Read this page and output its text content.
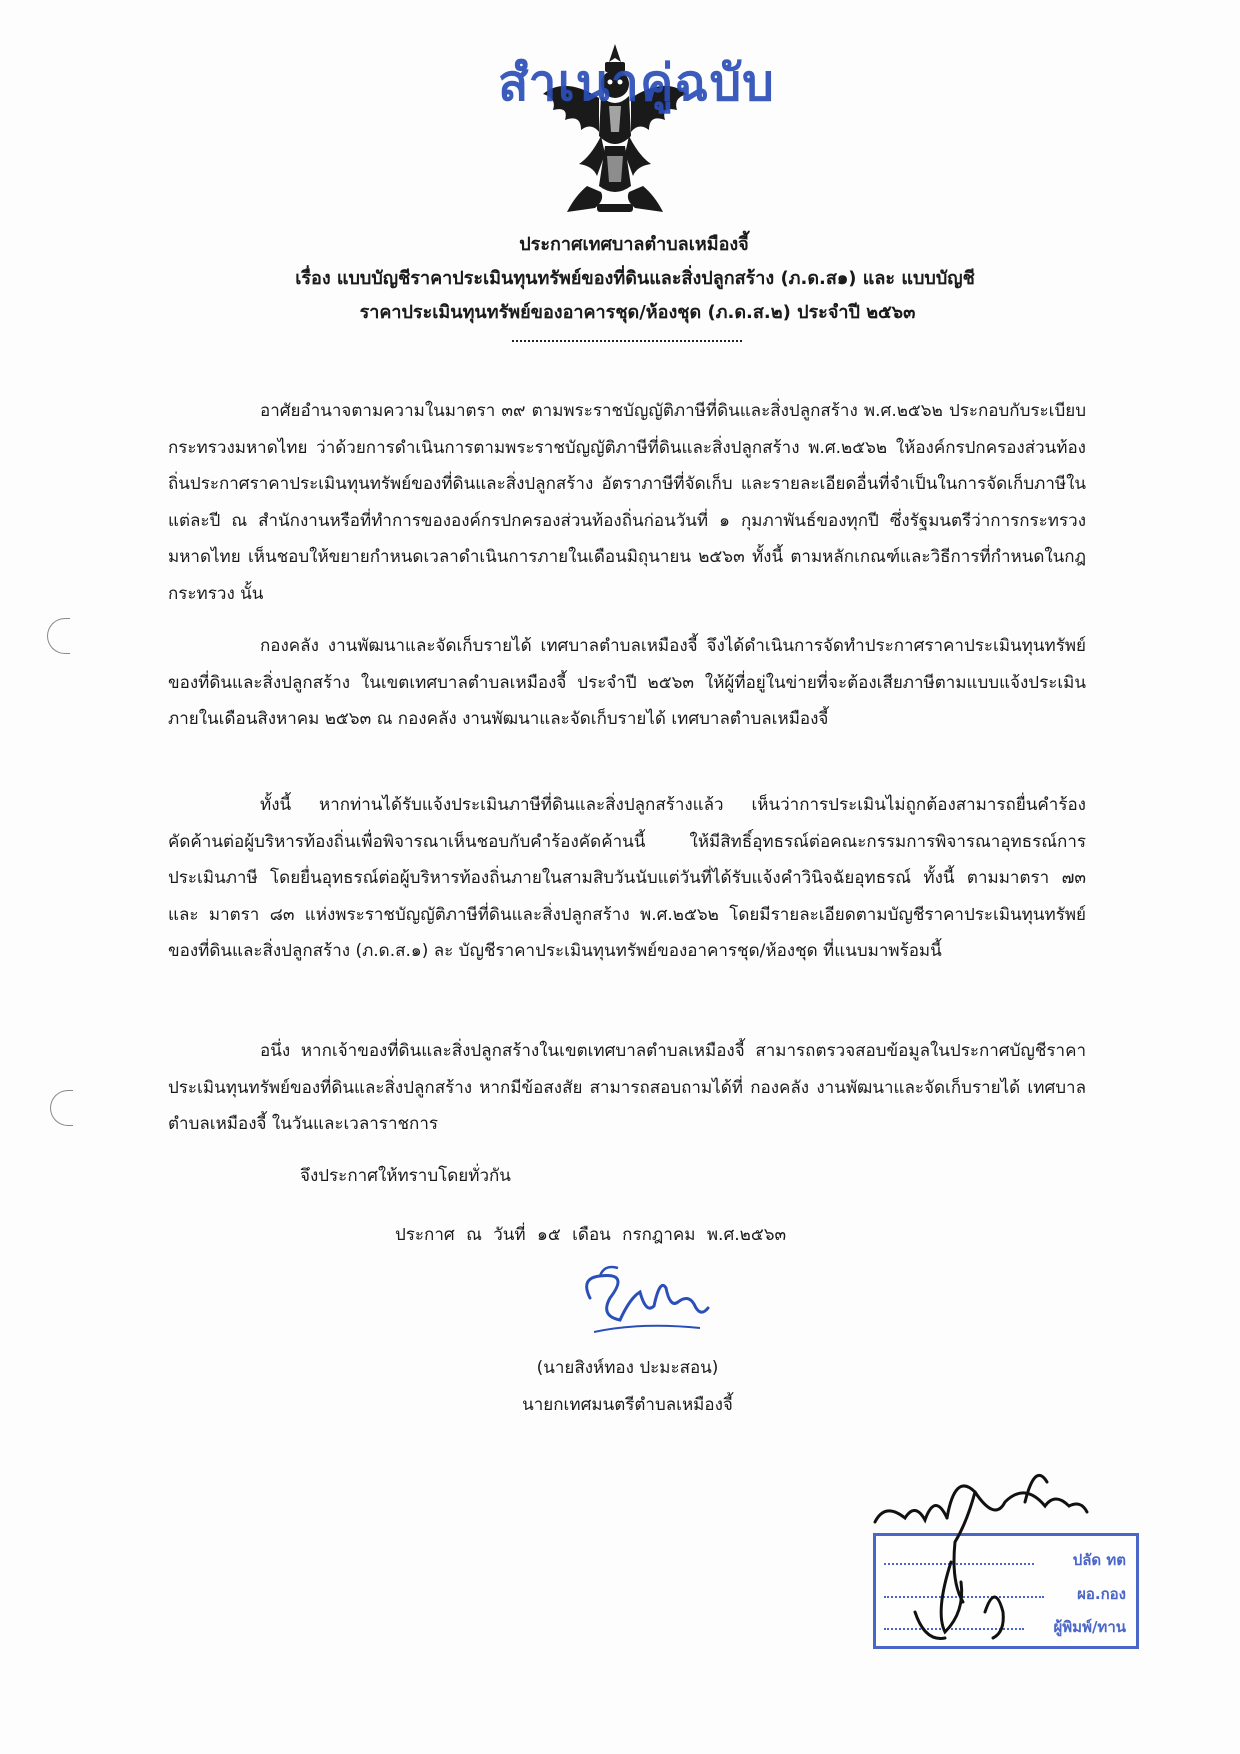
สำเนาคู่ฉบับ
ประกาศเทศบาลตำบลเหมืองจี้
เรื่อง แบบบัญชีราคาประเมินทุนทรัพย์ของที่ดินและสิ่งปลูกสร้าง (ภ.ด.ส๑) และ แบบบัญชี
ราคาประเมินทุนทรัพย์ของอาคารชุด/ห้องชุด (ภ.ด.ส.๒) ประจำปี ๒๕๖๓

อาศัยอำนาจตามความในมาตรา ๓๙ ตามพระราชบัญญัติภาษีที่ดินและสิ่งปลูกสร้าง พ.ศ.๒๕๖๒ ประกอบกับระเบียบกระทรวงมหาดไทย ว่าด้วยการดำเนินการตามพระราชบัญญัติภาษีที่ดินและสิ่งปลูกสร้าง พ.ศ.๒๕๖๒ ให้องค์กรปกครองส่วนท้องถิ่นประกาศราคาประเมินทุนทรัพย์ของที่ดินและสิ่งปลูกสร้าง อัตราภาษีที่จัดเก็บ และรายละเอียดอื่นที่จำเป็นในการจัดเก็บภาษีในแต่ละปี ณ สำนักงานหรือที่ทำการขององค์กรปกครองส่วนท้องถิ่นก่อนวันที่ ๑ กุมภาพันธ์ของทุกปี ซึ่งรัฐมนตรีว่าการกระทรวงมหาดไทย เห็นชอบให้ขยายกำหนดเวลาดำเนินการภายในเดือนมิถุนายน ๒๕๖๓ ทั้งนี้ ตามหลักเกณฑ์และวิธีการที่กำหนดในกฎกระทรวง นั้น

กองคลัง งานพัฒนาและจัดเก็บรายได้ เทศบาลตำบลเหมืองจี้ จึงได้ดำเนินการจัดทำประกาศราคาประเมินทุนทรัพย์ของที่ดินและสิ่งปลูกสร้าง ในเขตเทศบาลตำบลเหมืองจี้ ประจำปี ๒๕๖๓ ให้ผู้ที่อยู่ในข่ายที่จะต้องเสียภาษีตามแบบแจ้งประเมินภายในเดือนสิงหาคม ๒๕๖๓ ณ กองคลัง งานพัฒนาและจัดเก็บรายได้ เทศบาลตำบลเหมืองจี้

ทั้งนี้ หากท่านได้รับแจ้งประเมินภาษีที่ดินและสิ่งปลูกสร้างแล้ว เห็นว่าการประเมินไม่ถูกต้องสามารถยื่นคำร้องคัดค้านต่อผู้บริหารท้องถิ่นเพื่อพิจารณาเห็นชอบกับคำร้องคัดค้านนี้ ให้มีสิทธิ์อุทธรณ์ต่อคณะกรรมการพิจารณาอุทธรณ์การประเมินภาษี โดยยื่นอุทธรณ์ต่อผู้บริหารท้องถิ่นภายในสามสิบวันนับแต่วันที่ได้รับแจ้งคำวินิจฉัยอุทธรณ์ ทั้งนี้ ตามมาตรา ๗๓ และ มาตรา ๘๓ แห่งพระราชบัญญัติภาษีที่ดินและสิ่งปลูกสร้าง พ.ศ.๒๕๖๒ โดยมีรายละเอียดตามบัญชีราคาประเมินทุนทรัพย์ของที่ดินและสิ่งปลูกสร้าง (ภ.ด.ส.๑) ละ บัญชีราคาประเมินทุนทรัพย์ของอาคารชุด/ห้องชุด ที่แนบมาพร้อมนี้

อนึ่ง หากเจ้าของที่ดินและสิ่งปลูกสร้างในเขตเทศบาลตำบลเหมืองจี้ สามารถตรวจสอบข้อมูลในประกาศบัญชีราคาประเมินทุนทรัพย์ของที่ดินและสิ่งปลูกสร้าง หากมีข้อสงสัย สามารถสอบถามได้ที่ กองคลัง งานพัฒนาและจัดเก็บรายได้ เทศบาลตำบลเหมืองจี้ ในวันและเวลาราชการ

จึงประกาศให้ทราบโดยทั่วกัน
ประกาศ ณ วันที่ ๑๕ เดือน กรกฎาคม พ.ศ.๒๕๖๓
(นายสิงห์ทอง ปะมะสอน)
นายกเทศมนตรีตำบลเหมืองจี้
ปลัด ทต
ผอ.กอง
ผู้พิมพ์/ทาน
